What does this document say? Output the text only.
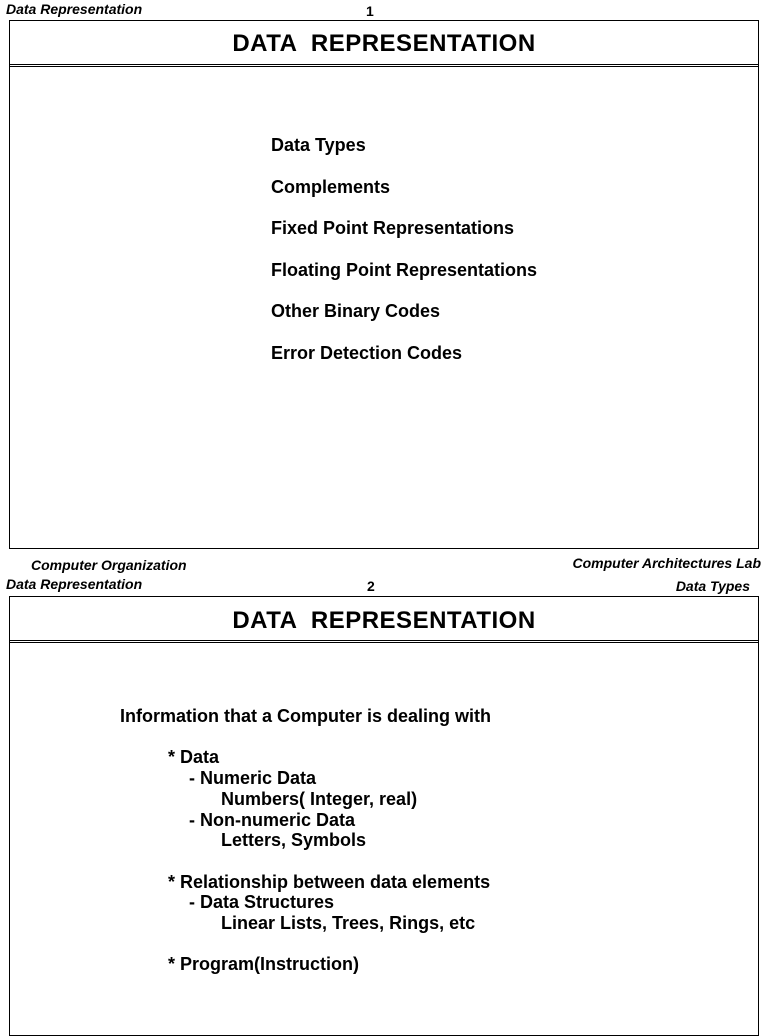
Data Representation	1
DATA  REPRESENTATION
Data Types
Complements
Fixed Point Representations
Floating Point Representations
Other Binary Codes
Error Detection Codes
Computer Organization	Computer Architectures Lab
Data Representation	2	Data Types
DATA  REPRESENTATION
Information that a Computer is dealing with
* Data
- Numeric Data
Numbers( Integer, real)
- Non-numeric Data
Letters, Symbols
* Relationship between data elements
- Data Structures
Linear Lists, Trees, Rings, etc
* Program(Instruction)
